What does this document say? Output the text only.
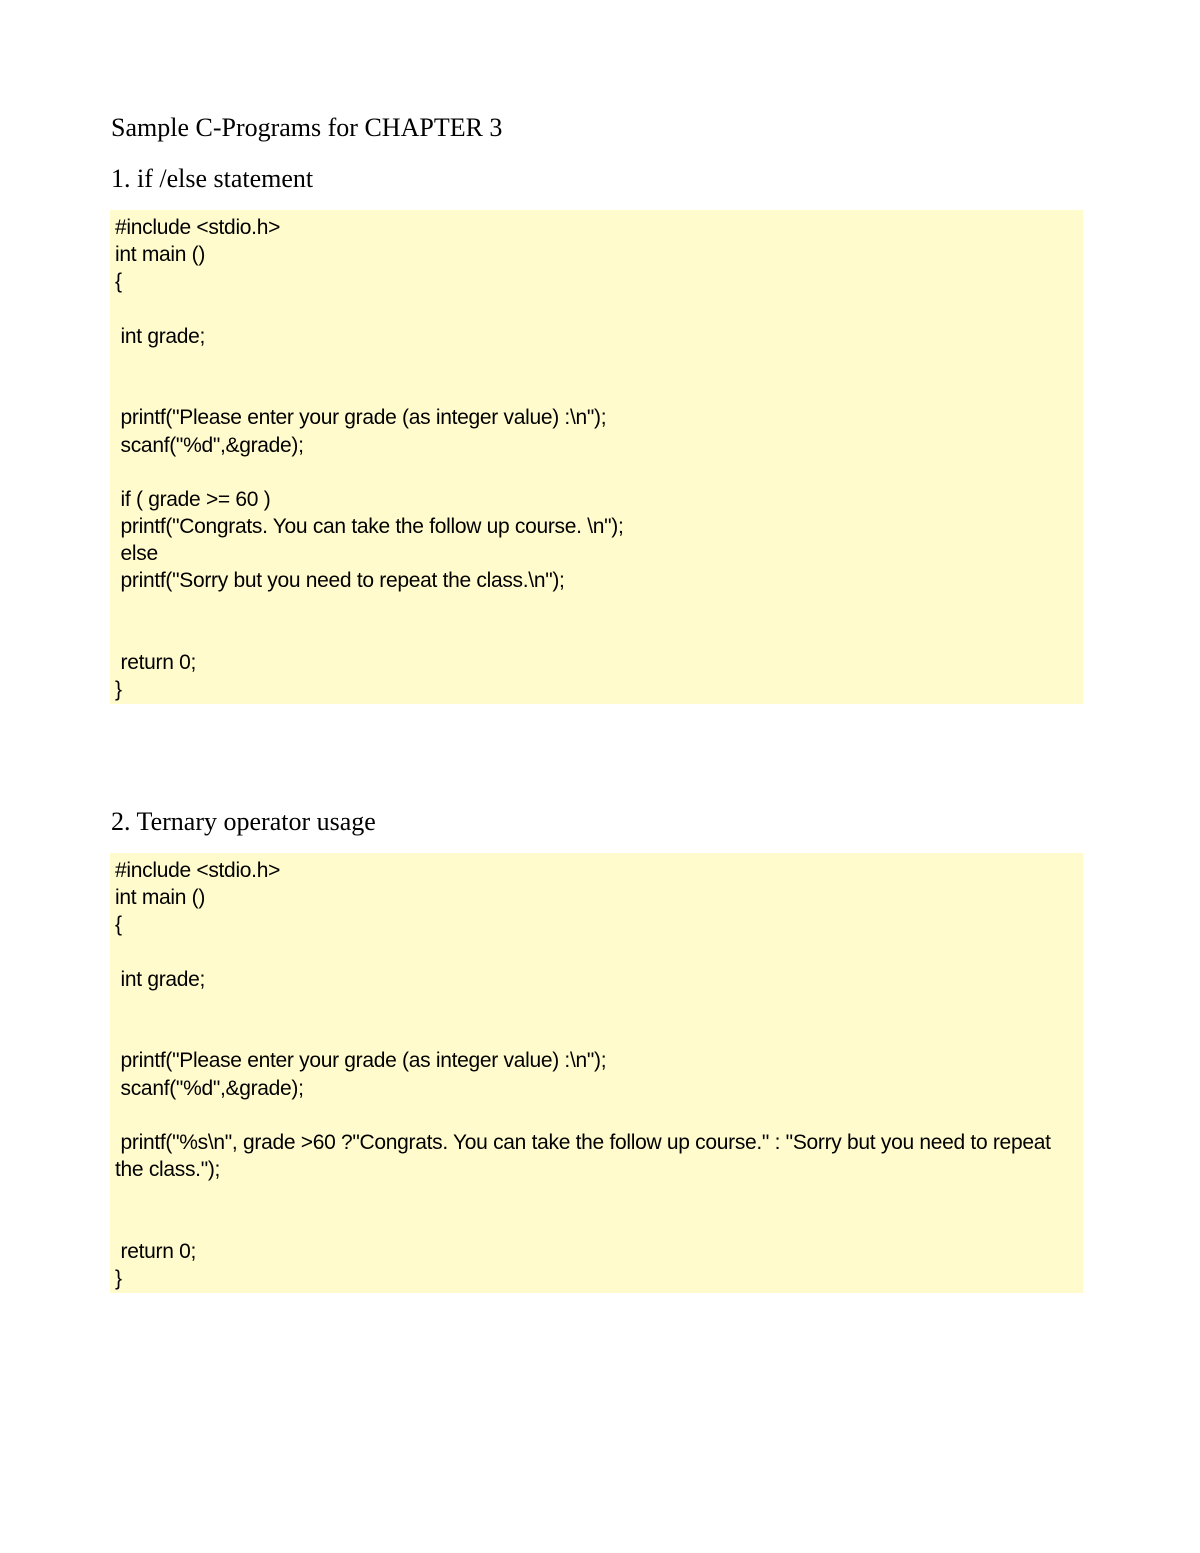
Sample C-Programs for CHAPTER 3
1. if /else statement
#include <stdio.h>
int main ()
{
int grade;
printf("Please enter your grade (as integer value) :\n");
scanf("%d",&grade);
if ( grade >= 60 )
printf("Congrats. You can take the follow up course. \n");
else
printf("Sorry but you need to repeat the class.\n");
return 0;
}
2. Ternary operator usage
#include <stdio.h>
int main ()
{
int grade;
printf("Please enter your grade (as integer value) :\n");
scanf("%d",&grade);
printf("%s\n", grade >60 ?"Congrats. You can take the follow up course." : "Sorry but you need to repeat the class.");
return 0;
}
